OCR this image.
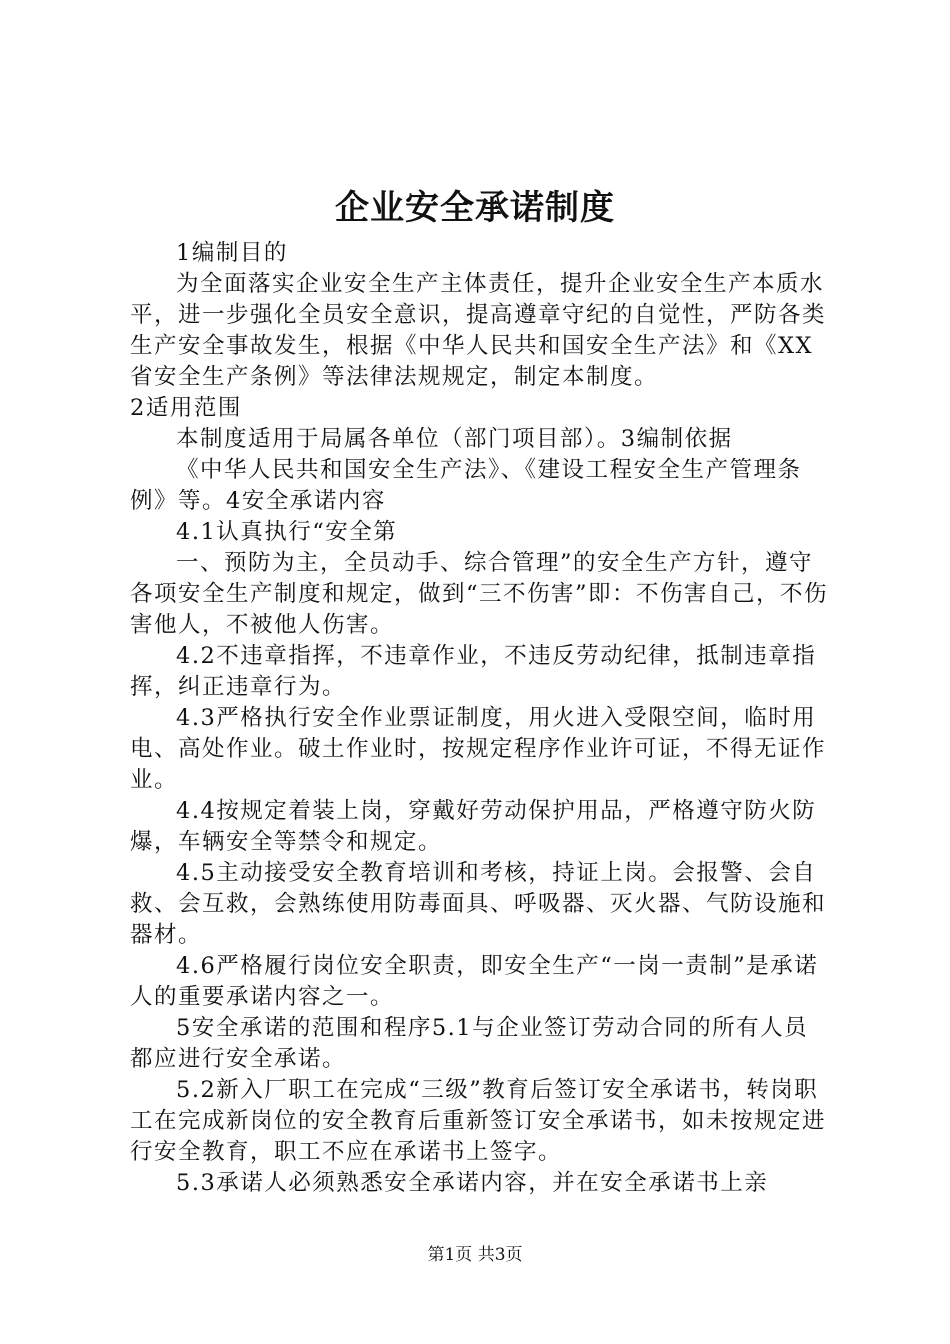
企业安全承诺制度

1编制目的

为全面落实企业安全生产主体责任，提升企业安全生产本质水平，进一步强化全员安全意识，提高遵章守纪的自觉性，严防各类生产安全事故发生，根据《中华人民共和国安全生产法》和《XX省安全生产条例》等法律法规规定，制定本制度。

2适用范围

本制度适用于局属各单位（部门项目部）。3编制依据

《中华人民共和国安全生产法》、《建设工程安全生产管理条例》等。4安全承诺内容

4.1认真执行“安全第

一、预防为主，全员动手、综合管理”的安全生产方针，遵守各项安全生产制度和规定，做到“三不伤害”即：不伤害自己，不伤害他人，不被他人伤害。

4.2不违章指挥，不违章作业，不违反劳动纪律，抵制违章指挥，纠正违章行为。

4.3严格执行安全作业票证制度，用火进入受限空间，临时用电、高处作业。破土作业时，按规定程序作业许可证，不得无证作业。

4.4按规定着装上岗，穿戴好劳动保护用品，严格遵守防火防爆，车辆安全等禁令和规定。

4.5主动接受安全教育培训和考核，持证上岗。会报警、会自救、会互救，会熟练使用防毒面具、呼吸器、灭火器、气防设施和器材。

4.6严格履行岗位安全职责，即安全生产“一岗一责制”是承诺人的重要承诺内容之一。

5安全承诺的范围和程序5.1与企业签订劳动合同的所有人员都应进行安全承诺。

5.2新入厂职工在完成“三级”教育后签订安全承诺书，转岗职工在完成新岗位的安全教育后重新签订安全承诺书，如未按规定进行安全教育，职工不应在承诺书上签字。

5.3承诺人必须熟悉安全承诺内容，并在安全承诺书上亲

第1页 共3页
